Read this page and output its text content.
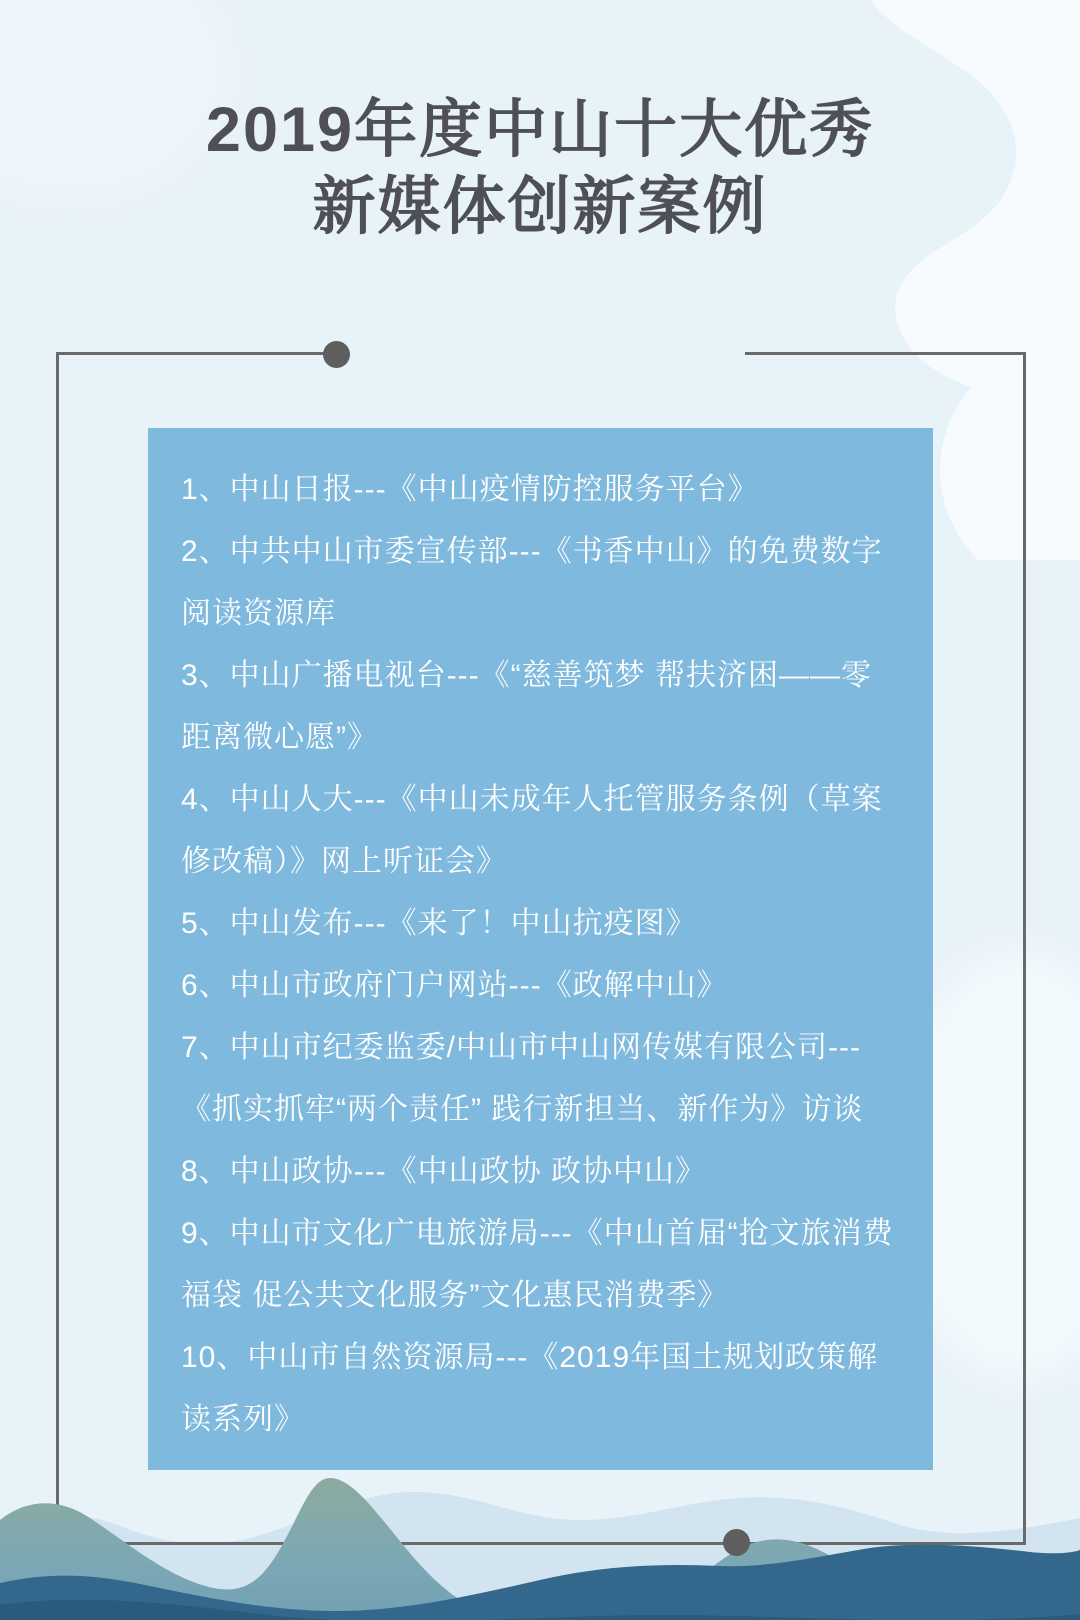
2019年度中山十大优秀
新媒体创新案例

1、中山日报---《中山疫情防控服务平台》

2、中共中山市委宣传部---《书香中山》的免费数字阅读资源库

3、中山广播电视台---《“慈善筑梦 帮扶济困——零距离微心愿”》

4、中山人大---《中山未成年人托管服务条例（草案修改稿）》网上听证会》

5、中山发布---《来了！中山抗疫图》

6、中山市政府门户网站---《政解中山》

7、中山市纪委监委/中山市中山网传媒有限公司---《抓实抓牢“两个责任” 践行新担当、新作为》访谈

8、中山政协---《中山政协 政协中山》

9、中山市文化广电旅游局---《中山首届“抢文旅消费福袋 促公共文化服务”文化惠民消费季》

10、中山市自然资源局---《2019年国土规划政策解读系列》
